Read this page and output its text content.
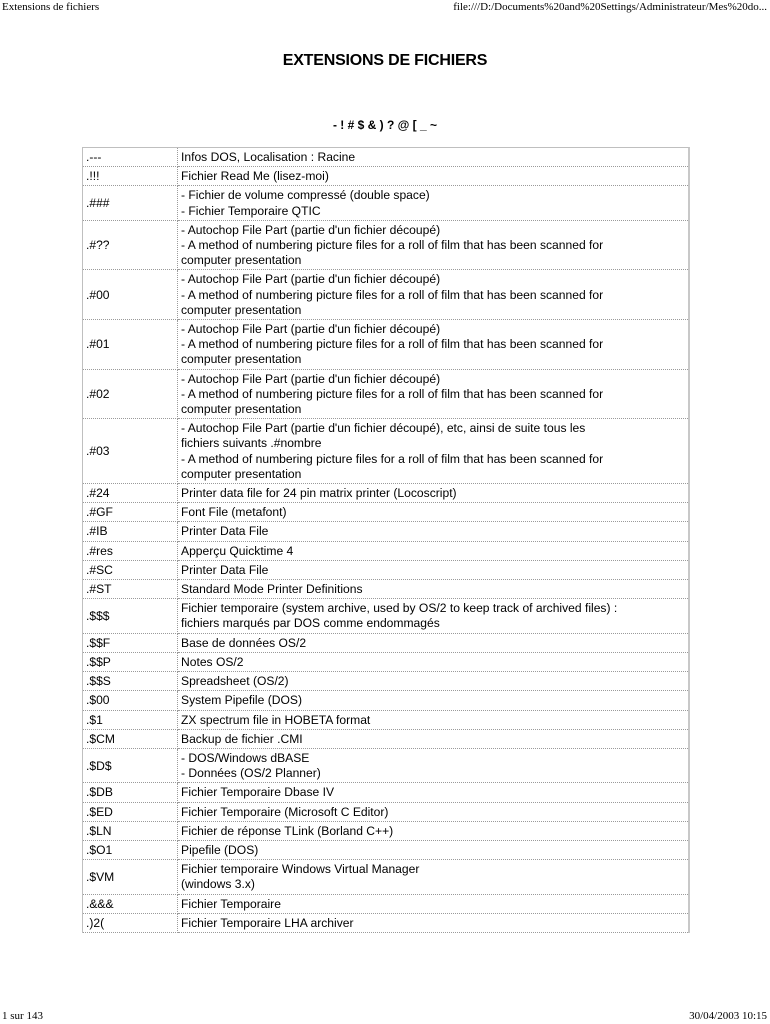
Extensions de fichiers	file:///D:/Documents%20and%20Settings/Administrateur/Mes%20do...
EXTENSIONS DE FICHIERS
- ! # $ & ) ? @ [ _ ~
.---	Infos DOS, Localisation : Racine

.!!!	Fichier Read Me (lisez-moi)

.###	- Fichier de volume compressé (double space)
- Fichier Temporaire QTIC

.#??	- Autochop File Part (partie d'un fichier découpé)
- A method of numbering picture files for a roll of film that has been scanned for
computer presentation

.#00	- Autochop File Part (partie d'un fichier découpé)
- A method of numbering picture files for a roll of film that has been scanned for
computer presentation

.#01	- Autochop File Part (partie d'un fichier découpé)
- A method of numbering picture files for a roll of film that has been scanned for
computer presentation

.#02	- Autochop File Part (partie d'un fichier découpé)
- A method of numbering picture files for a roll of film that has been scanned for
computer presentation

.#03	- Autochop File Part (partie d'un fichier découpé), etc, ainsi de suite tous les
fichiers suivants .#nombre
- A method of numbering picture files for a roll of film that has been scanned for
computer presentation

.#24	Printer data file for 24 pin matrix printer (Locoscript)

.#GF	Font File (metafont)

.#IB	Printer Data File

.#res	Apperçu Quicktime 4

.#SC	Printer Data File

.#ST	Standard Mode Printer Definitions

.$$$	Fichier temporaire (system archive, used by OS/2 to keep track of archived files) :
fichiers marqués par DOS comme endommagés

.$$F	Base de données OS/2

.$$P	Notes OS/2

.$$S	Spreadsheet (OS/2)

.$00	System Pipefile (DOS)

.$1	ZX spectrum file in HOBETA format

.$CM	Backup de fichier .CMI

.$D$	- DOS/Windows dBASE
- Données (OS/2 Planner)

.$DB	Fichier Temporaire Dbase IV

.$ED	Fichier Temporaire (Microsoft C Editor)

.$LN	Fichier de réponse TLink (Borland C++)

.$O1	Pipefile (DOS)

.$VM	Fichier temporaire Windows Virtual Manager
(windows 3.x)

.&&&	Fichier Temporaire

.)2(	Fichier Temporaire LHA archiver
1 sur 143	30/04/2003 10:15
